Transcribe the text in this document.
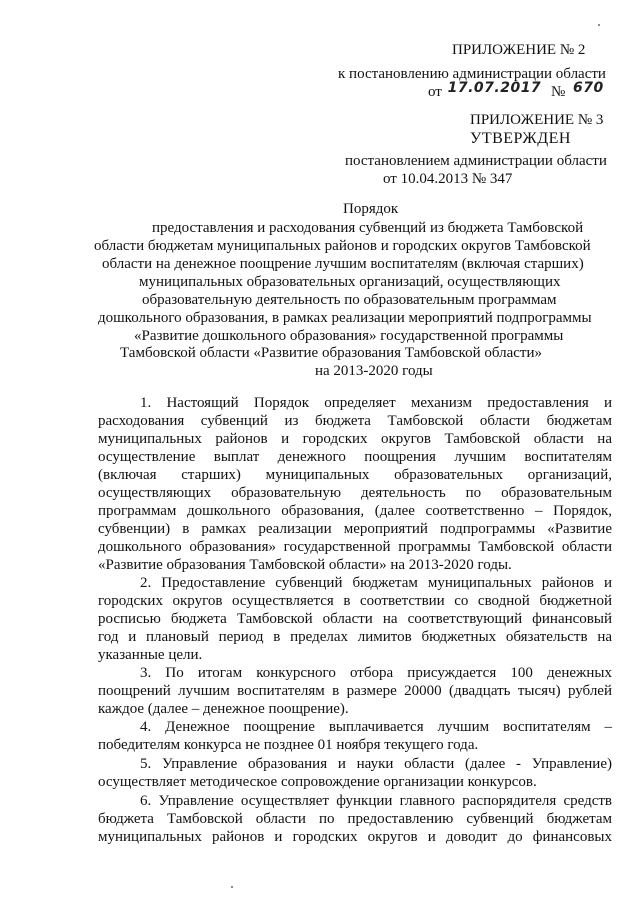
ПРИЛОЖЕНИЕ № 2
к постановлению администрации области
от 17.07.2017 № 670
ПРИЛОЖЕНИЕ № 3
УТВЕРЖДЕН
постановлением администрации области
от 10.04.2013 № 347
Порядок
предоставления и расходования субвенций из бюджета Тамбовской
области бюджетам муниципальных районов и городских округов Тамбовской
области на денежное поощрение лучшим воспитателям (включая старших)
муниципальных образовательных организаций, осуществляющих
образовательную деятельность по образовательным программам
дошкольного образования, в рамках реализации мероприятий подпрограммы
«Развитие дошкольного образования» государственной программы
Тамбовской области «Развитие образования Тамбовской области»
на 2013-2020 годы
1. Настоящий Порядок определяет механизм предоставления и
расходования субвенций из бюджета Тамбовской области бюджетам
муниципальных районов и городских округов Тамбовской области на
осуществление выплат денежного поощрения лучшим воспитателям
(включая старших) муниципальных образовательных организаций,
осуществляющих образовательную деятельность по образовательным
программам дошкольного образования, (далее соответственно – Порядок,
субвенции) в рамках реализации мероприятий подпрограммы «Развитие
дошкольного образования» государственной программы Тамбовской области
«Развитие образования Тамбовской области» на 2013-2020 годы.
2. Предоставление субвенций бюджетам муниципальных районов и
городских округов осуществляется в соответствии со сводной бюджетной
росписью бюджета Тамбовской области на соответствующий финансовый
год и плановый период в пределах лимитов бюджетных обязательств на
указанные цели.
3. По итогам конкурсного отбора присуждается 100 денежных
поощрений лучшим воспитателям в размере 20000 (двадцать тысяч) рублей
каждое (далее – денежное поощрение).
4. Денежное поощрение выплачивается лучшим воспитателям –
победителям конкурса не позднее 01 ноября текущего года.
5. Управление образования и науки области (далее - Управление)
осуществляет методическое сопровождение организации конкурсов.
6. Управление осуществляет функции главного распорядителя средств
бюджета Тамбовской области по предоставлению субвенций бюджетам
муниципальных районов и городских округов и доводит до финансовых
